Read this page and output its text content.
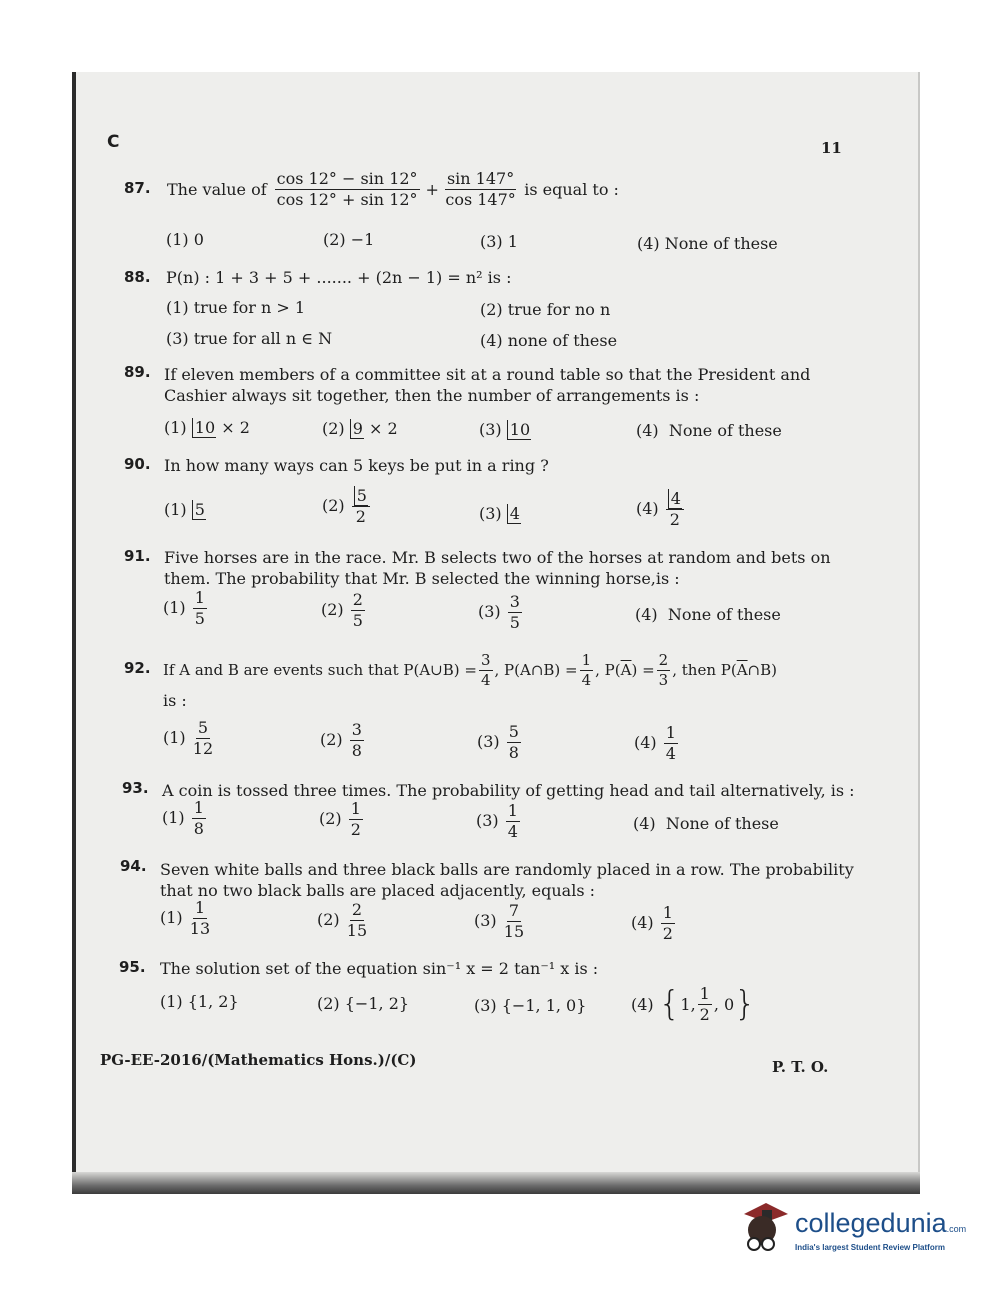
C	11
87. The value of
cos 12° − sin 12°
cos 12° + sin 12°
+ $\frac{\sin 147^\circ}{\cos 147^\circ}$ is equal to :
(1) 0	(2) −1	(3) 1	(4) None of these
88. P(n) : 1 + 3 + 5 + ....... + (2n − 1) = n² is :
(1) true for n > 1	(2) true for no n
(3) true for all n ∈ N	(4) none of these
89. If eleven members of a committee sit at a round table so that the President and
Cashier always sit together, then the number of arrangements is :
(1) 10 × 2	(2) 9 × 2	(3) 10	(4) None of these
90. In how many ways can 5 keys be put in a ring ?
(1) 5	$(2) \frac{5}{2}$	(3) 4	$(4) \frac{4}{2}$
91. Five horses are in the race. Mr. B selects two of the horses at random and bets on
them. The probability that Mr. B selected the winning horse,is :
$(1) \frac{1}{5}$	$(2) \frac{2}{5}$	$(3) \frac{3}{5}$	(4) None of these
92. If A and B are events such that
P(A∪B) = $\frac{3}{4}$ , P(A∩B) = $\frac{1}{4}$ , P( $\overline{A}$ ) = $\frac{2}{3}$ , then P( $\overline{A}$ ∩B)
is :
$(1) \frac{5}{12}$	$(2) \frac{3}{8}$	$(3) \frac{5}{8}$	$(4) \frac{1}{4}$
93. A coin is tossed three times. The probability of getting head and tail alternatively, is :
$(1) \frac{1}{8}$	$(2) \frac{1}{2}$	$(3) \frac{1}{4}$	(4) None of these
94. Seven white balls and three black balls are randomly placed in a row. The probability
that no two black balls are placed adjacently, equals :
$(1) \frac{1}{13}$	$(2) \frac{2}{15}$	$(3) \frac{7}{15}$	$(4) \frac{1}{2}$
95. The solution set of the equation sin⁻¹ x = 2 tan⁻¹ x is :
(1) {1, 2}	(2) {−1, 2}	(3) {−1, 1, 0}	(4)
{ 1,
1
2
, 0 }
PG-EE-2016/(Mathematics Hons.)/(C)	P. T. O.
collegedunia.com
India's largest Student Review Platform
